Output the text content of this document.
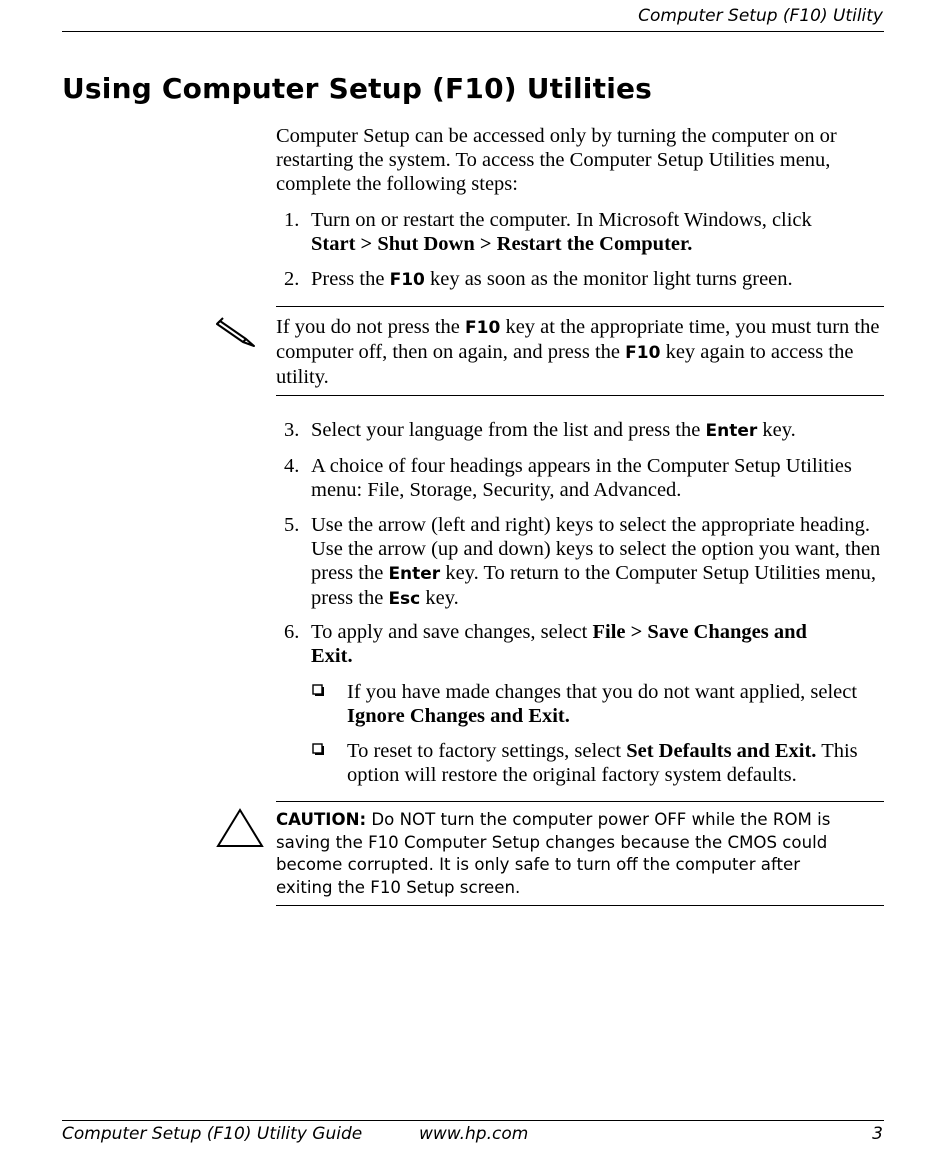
Computer Setup (F10) Utility
Using Computer Setup (F10) Utilities
Computer Setup can be accessed only by turning the computer on or restarting the system. To access the Computer Setup Utilities menu, complete the following steps:
1. Turn on or restart the computer. In Microsoft Windows, click
Start > Shut Down > Restart the Computer.
2. Press the F10 key as soon as the monitor light turns green.
If you do not press the F10 key at the appropriate time, you must turn the computer off, then on again, and press the F10 key again to access the utility.
3. Select your language from the list and press the Enter key.
4. A choice of four headings appears in the Computer Setup Utilities menu: File, Storage, Security, and Advanced.
5. Use the arrow (left and right) keys to select the appropriate heading. Use the arrow (up and down) keys to select the option you want, then press the Enter key. To return to the Computer Setup Utilities menu, press the Esc key.
6. To apply and save changes, select File > Save Changes and Exit.
If you have made changes that you do not want applied, select Ignore Changes and Exit.
To reset to factory settings, select Set Defaults and Exit. This option will restore the original factory system defaults.
CAUTION: Do NOT turn the computer power OFF while the ROM is saving the F10 Computer Setup changes because the CMOS could become corrupted. It is only safe to turn off the computer after exiting the F10 Setup screen.
Computer Setup (F10) Utility Guide	www.hp.com	3
